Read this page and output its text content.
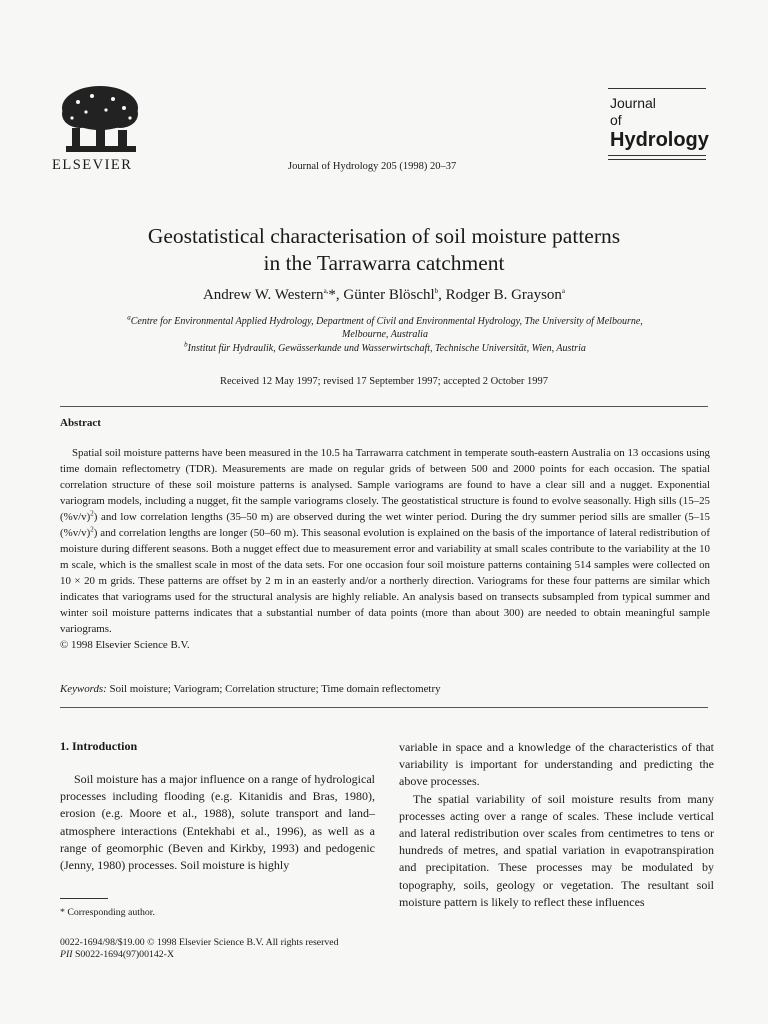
ELSEVIER	Journal of Hydrology 205 (1998) 20–37
Journal
of
Hydrology
Geostatistical characterisation of soil moisture patterns
in the Tarrawarra catchment
Andrew W. Western$^{a,}$*, Günter Blöschl$^b$, Rodger B. Grayson$^a$
$^a$Centre for Environmental Applied Hydrology, Department of Civil and Environmental Hydrology, The University of Melbourne,
Melbourne, Australia
$^b$Institut für Hydraulik, Gewässerkunde und Wasserwirtschaft, Technische Universität, Wien, Austria
Received 12 May 1997; revised 17 September 1997; accepted 2 October 1997
Abstract
Spatial soil moisture patterns have been measured in the 10.5 ha Tarrawarra catchment in temperate south-eastern Australia on 13 occasions using time domain reflectometry (TDR). Measurements are made on regular grids of between 500 and 2000 points for each occasion. The spatial correlation structure of these soil moisture patterns is analysed. Sample variograms are found to have a clear sill and a nugget. Exponential variogram models, including a nugget, fit the sample variograms closely. The geostatistical structure is found to evolve seasonally. High sills (15–25 $(\%v/v)^2$) and low correlation lengths (35–50 m) are observed during the wet winter period. During the dry summer period sills are smaller (5–15 $(\%v/v)^2$) and correlation lengths are longer (50–60 m). This seasonal evolution is explained on the basis of the importance of lateral redistribution of moisture during different seasons. Both a nugget effect due to measurement error and variability at small scales contribute to the variability at the 10 m scale, which is the smallest scale in most of the data sets. For one occasion four soil moisture patterns containing 514 samples were collected on 10 × 20 m grids. These patterns are offset by 2 m in an easterly and/or a northerly direction. Variograms for these four patterns are similar which indicates that variograms used for the structural analysis are highly reliable. An analysis based on transects subsampled from typical summer and winter soil moisture patterns indicates that a substantial number of data points (more than about 300) are needed to obtain meaningful sample variograms.
© 1998 Elsevier Science B.V.
Keywords: Soil moisture; Variogram; Correlation structure; Time domain reflectometry
1. Introduction

Soil moisture has a major influence on a range of hydrological processes including flooding (e.g. Kitanidis and Bras, 1980), erosion (e.g. Moore et al., 1988), solute transport and land–atmosphere interactions (Entekhabi et al., 1996), as well as a range of geomorphic (Beven and Kirkby, 1993) and pedogenic (Jenny, 1980) processes. Soil moisture is highly

variable in space and a knowledge of the characteristics of that variability is important for understanding and predicting the above processes.

The spatial variability of soil moisture results from many processes acting over a range of scales. These include vertical and lateral redistribution over scales from centimetres to tens or hundreds of metres, and spatial variation in evapotranspiration and precipitation. These processes may be modulated by topography, soils, geology or vegetation. The resultant soil moisture pattern is likely to reflect these influences

* Corresponding author.
0022-1694/98/$19.00 © 1998 Elsevier Science B.V. All rights reserved
PII S0022-1694(97)00142-X
